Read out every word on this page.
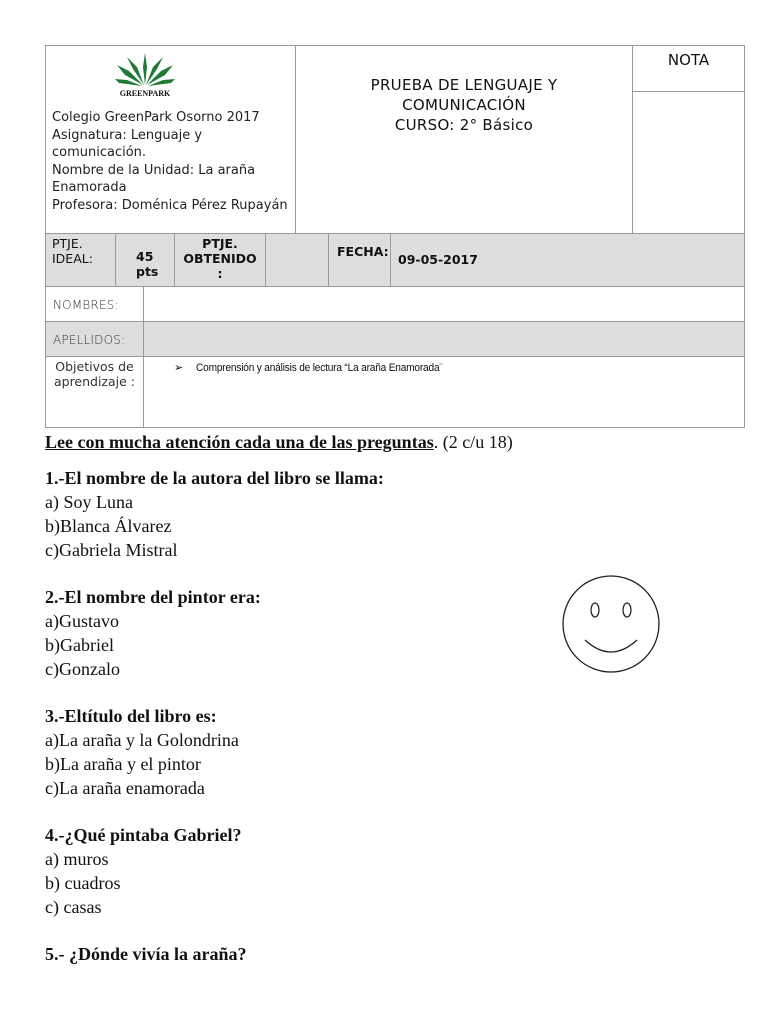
GREENPARK
Colegio GreenPark Osorno 2017
Asignatura: Lenguaje y comunicación.
Nombre de la Unidad: La araña Enamorada
Profesora: Doménica Pérez Rupayán
PRUEBA DE LENGUAJE Y
COMUNICACIÓN
CURSO: 2° Básico
NOTA
PTJE. IDEAL:	45 pts
PTJE. OBTENIDO :
FECHA:
09-05-2017
NOMBRES:
APELLIDOS:
Objetivos de aprendizaje :
➢ Comprensión y análisis de lectura “La araña Enamorada¨
Lee con mucha atención cada una de las preguntas. (2 c/u 18)
1.-El nombre de la autora del libro se llama:
a) Soy Luna
b)Blanca Álvarez
c)Gabriela Mistral
2.-El nombre del pintor era:
a)Gustavo
b)Gabriel
c)Gonzalo
3.-Eltítulo del libro es:
a)La araña y la Golondrina
b)La araña y el pintor
c)La araña enamorada
4.-¿Qué pintaba Gabriel?
a) muros
b) cuadros
c) casas
5.- ¿Dónde vivía la araña?
